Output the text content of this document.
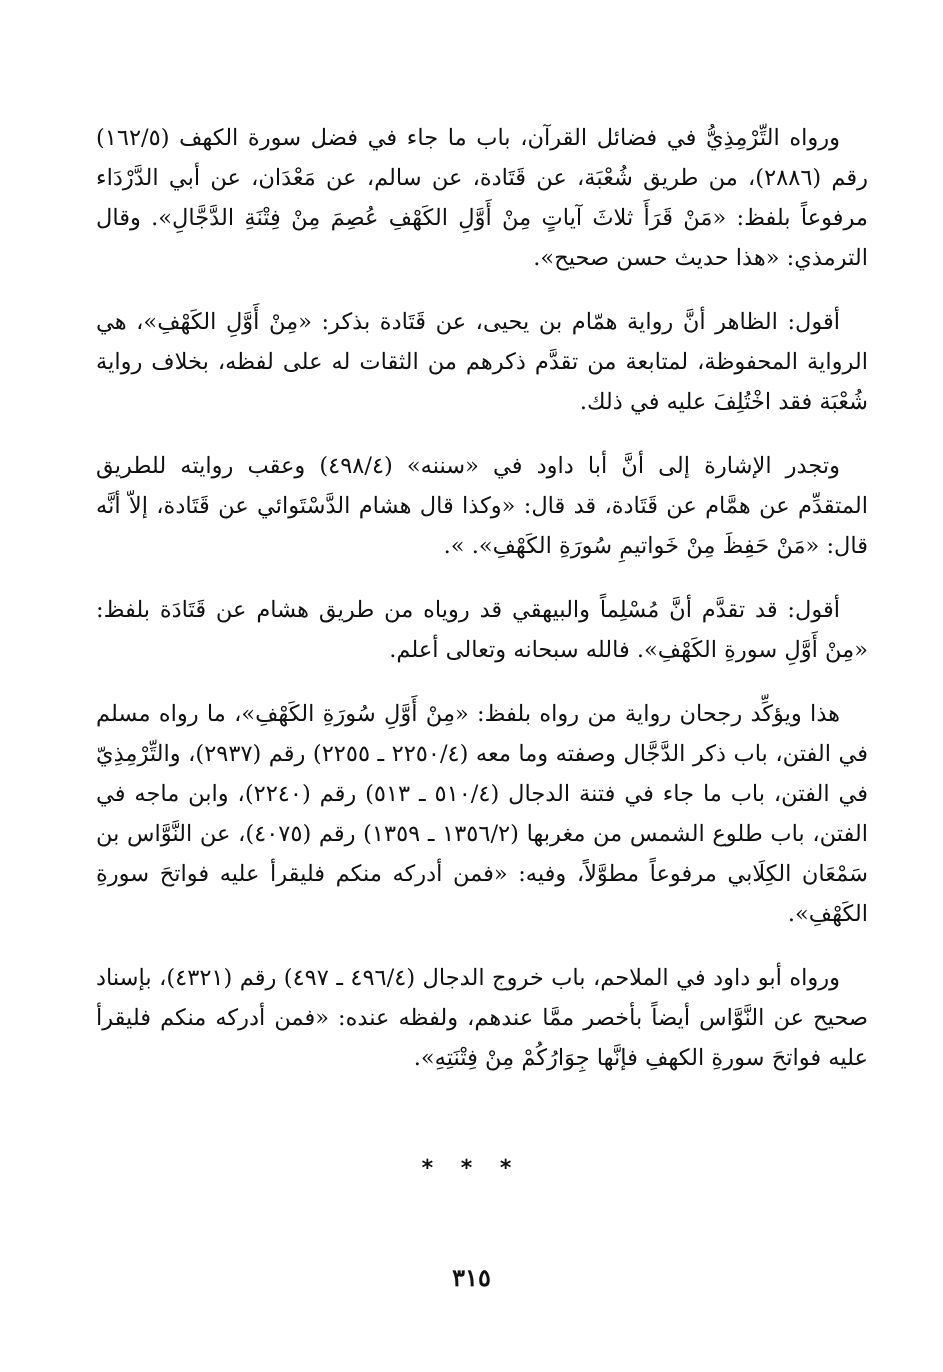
ورواه التِّرْمِذِيُّ في فضائل القرآن، باب ما جاء في فضل سورة الكهف (١٦٢/٥) رقم (٢٨٨٦)، من طريق شُعْبَة، عن قَتَادة، عن سالم، عن مَعْدَان، عن أبي الدَّرْدَاء مرفوعاً بلفظ: «مَنْ قَرَأَ ثلاثَ آياتٍ مِنْ أَوَّلِ الكَهْفِ عُصِمَ مِنْ فِتْنَةِ الدَّجَّالِ». وقال الترمذي: «هذا حديث حسن صحيح».

أقول: الظاهر أنَّ رواية همّام بن يحيى، عن قَتَادة بذكر: «مِنْ أَوَّلِ الكَهْفِ»، هي الرواية المحفوظة، لمتابعة من تقدَّم ذكرهم من الثقات له على لفظه، بخلاف رواية شُعْبَة فقد اخْتُلِفَ عليه في ذلك.

وتجدر الإشارة إلى أنَّ أبا داود في «سننه» (٤٩٨/٤) وعقب روايته للطريق المتقدِّم عن همَّام عن قَتَادة، قد قال: «وكذا قال هشام الدَّسْتَوائي عن قَتَادة، إلاّ أنَّه قال: «مَنْ حَفِظَ مِنْ خَواتيمِ سُورَةِ الكَهْفِ». ».

أقول: قد تقدَّم أنَّ مُسْلِماً والبيهقي قد روياه من طريق هشام عن قَتَادَة بلفظ: «مِنْ أَوَّلِ سورةِ الكَهْفِ». فالله سبحانه وتعالى أعلم.

هذا ويؤكِّد رجحان رواية من رواه بلفظ: «مِنْ أَوَّلِ سُورَةِ الكَهْفِ»، ما رواه مسلم في الفتن، باب ذكر الدَّجَّال وصفته وما معه (٢٢٥٠/٤ ـ ٢٢٥٥) رقم (٢٩٣٧)، والتِّرْمِذِيّ في الفتن، باب ما جاء في فتنة الدجال (٥١٠/٤ ـ ٥١٣) رقم (٢٢٤٠)، وابن ماجه في الفتن، باب طلوع الشمس من مغربها (١٣٥٦/٢ ـ ١٣٥٩) رقم (٤٠٧٥)، عن النَّوَّاس بن سَمْعَان الكِلَابي مرفوعاً مطوَّلاً، وفيه: «فمن أدركه منكم فليقرأ عليه فواتحَ سورةِ الكَهْفِ».

ورواه أبو داود في الملاحم، باب خروج الدجال (٤٩٦/٤ ـ ٤٩٧) رقم (٤٣٢١)، بإسناد صحيح عن النَّوَّاس أيضاً بأخصر ممَّا عندهم، ولفظه عنده: «فمن أدركه منكم فليقرأ عليه فواتحَ سورةِ الكهفِ فإنَّها جِوَارُكُمْ مِنْ فِتْنَتِهِ».

* * *
٣١٥
